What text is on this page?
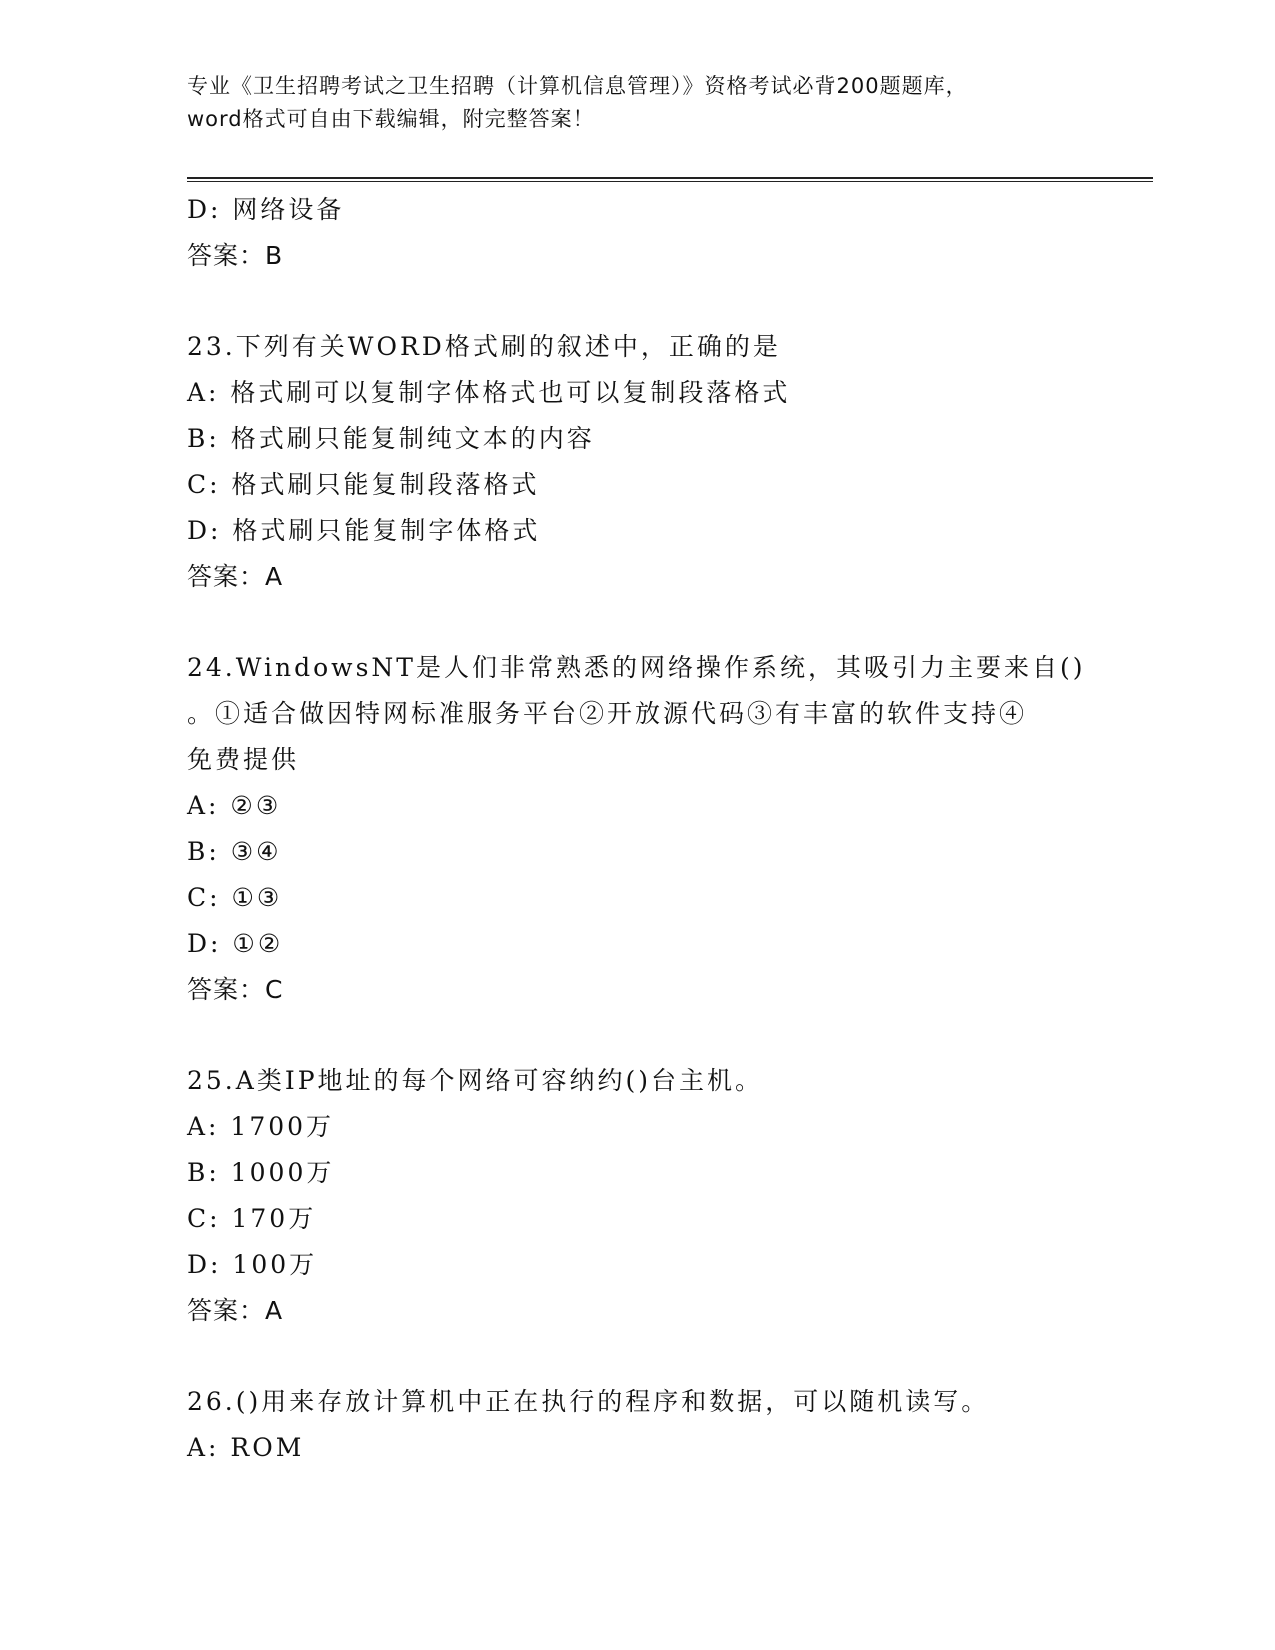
专业《卫生招聘考试之卫生招聘（计算机信息管理）》资格考试必背200题题库，
word格式可自由下载编辑，附完整答案！
D: 网络设备
答案：B
23.下列有关WORD格式刷的叙述中，正确的是
A: 格式刷可以复制字体格式也可以复制段落格式
B: 格式刷只能复制纯文本的内容
C: 格式刷只能复制段落格式
D: 格式刷只能复制字体格式
答案：A
24.WindowsNT是人们非常熟悉的网络操作系统，其吸引力主要来自()
。①适合做因特网标准服务平台②开放源代码③有丰富的软件支持④
免费提供
A: ②③
B: ③④
C: ①③
D: ①②
答案：C
25.A类IP地址的每个网络可容纳约()台主机。
A: 1700万
B: 1000万
C: 170万
D: 100万
答案：A
26.()用来存放计算机中正在执行的程序和数据，可以随机读写。
A: ROM
